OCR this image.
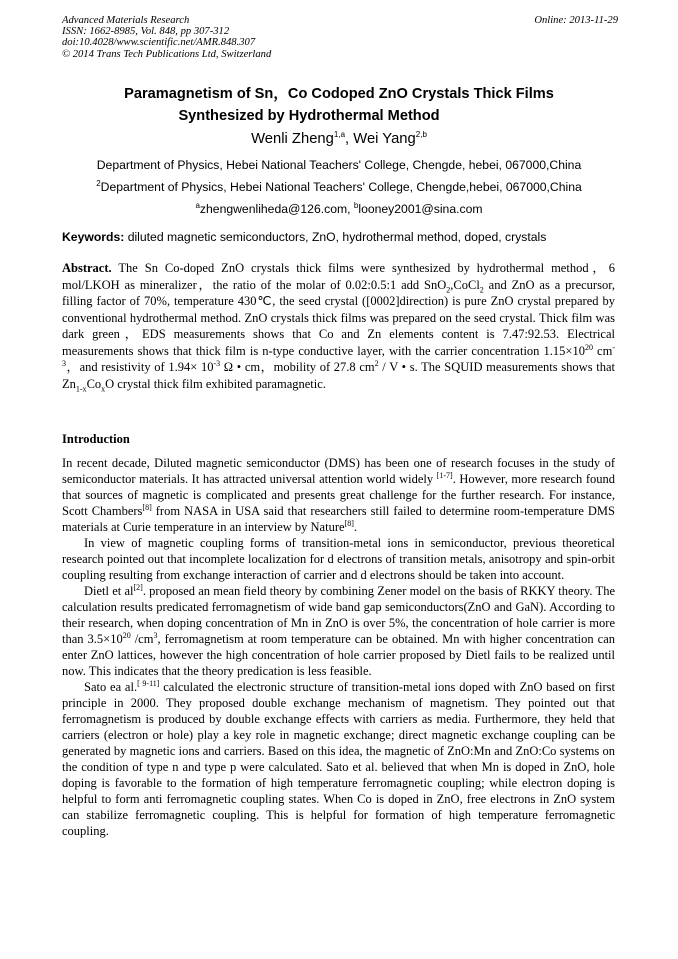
Advanced Materials Research
ISSN: 1662-8985, Vol. 848, pp 307-312
doi:10.4028/www.scientific.net/AMR.848.307
© 2014 Trans Tech Publications Ltd, Switzerland
Online: 2013-11-29
Paramagnetism of Sn，Co Codoped ZnO Crystals Thick Films
Synthesized by Hydrothermal Method
Wenli Zheng$^{1,a}$, Wei Yang$^{2,b}$
Department of Physics, Hebei National Teachers' College, Chengde, hebei, 067000,China
$^2$Department of Physics, Hebei National Teachers' College, Chengde,hebei, 067000,China
$^a$zhengwenliheda@126.com, $^b$looney2001@sina.com
Keywords: diluted magnetic semiconductors, ZnO, hydrothermal method, doped, crystals
Abstract. The Sn Co-doped ZnO crystals thick films were synthesized by hydrothermal method，6 mol/LKOH as mineralizer，the ratio of the molar of 0.02:0.5:1 add SnO$_2$,CoCl$_2$ and ZnO as a precursor, filling factor of 70%, temperature 430℃, the seed crystal ([0002]direction) is pure ZnO crystal prepared by conventional hydrothermal method. ZnO crystals thick films was prepared on the seed crystal. Thick film was dark green，EDS measurements shows that Co and Zn elements content is 7.47:92.53. Electrical measurements shows that thick film is n-type conductive layer, with the carrier concentration $1.15\times 10^{20}$ $cm^{-3}$，and resistivity of $1.94\times 10^{-3}$ Ω • cm，mobility of 27.8 $cm^2$ / V • s. The SQUID measurements shows that $Zn_{1-x}Co_xO$ crystal thick film exhibited paramagnetic.
Introduction

In recent decade, Diluted magnetic semiconductor (DMS) has been one of research focuses in the study of semiconductor materials. It has attracted universal attention world widely [1-7]. However, more research found that sources of magnetic is complicated and presents great challenge for the further research. For instance, Scott Chambers[8] from NASA in USA said that researchers still failed to determine room-temperature DMS materials at Curie temperature in an interview by Nature[8].

In view of magnetic coupling forms of transition-metal ions in semiconductor, previous theoretical research pointed out that incomplete localization for d electrons of transition metals, anisotropy and spin-orbit coupling resulting from exchange interaction of carrier and d electrons should be taken into account.

Dietl et al[2]. proposed an mean field theory by combining Zener model on the basis of RKKY theory. The calculation results predicated ferromagnetism of wide band gap semiconductors(ZnO and GaN). According to their research, when doping concentration of Mn in ZnO is over 5%, the concentration of hole carrier is more than $3.5\times 10^{20}$ $/cm^3$, ferromagnetism at room temperature can be obtained. Mn with higher concentration can enter ZnO lattices, however the high concentration of hole carrier proposed by Dietl fails to be realized until now. This indicates that the theory predication is less feasible.

Sato ea al.[ 9-11] calculated the electronic structure of transition-metal ions doped with ZnO based on first principle in 2000. They proposed double exchange mechanism of magnetism. They pointed out that ferromagnetism is produced by double exchange effects with carriers as media. Furthermore, they held that carriers (electron or hole) play a key role in magnetic exchange; direct magnetic exchange coupling can be generated by magnetic ions and carriers. Based on this idea, the magnetic of ZnO:Mn and ZnO:Co systems on the condition of type n and type p were calculated. Sato et al. believed that when Mn is doped in ZnO, hole doping is favorable to the formation of high temperature ferromagnetic coupling; while electron doping is helpful to form anti ferromagnetic coupling states. When Co is doped in ZnO, free electrons in ZnO system can stabilize ferromagnetic coupling. This is helpful for formation of high temperature ferromagnetic coupling.
